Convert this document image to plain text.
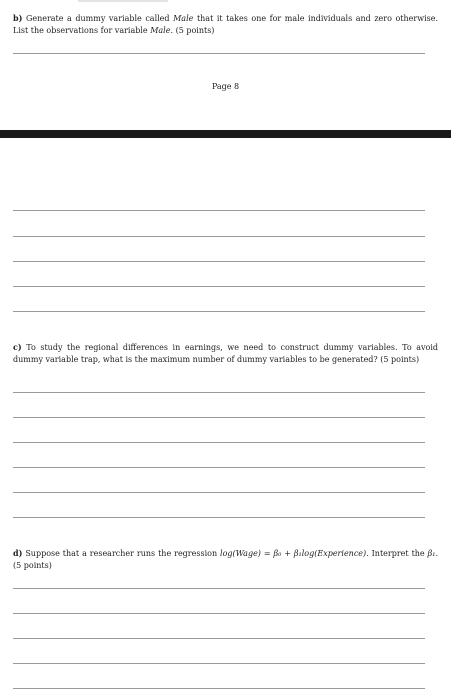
b) Generate a dummy variable called Male that it takes one for male individuals and zero otherwise. List the observations for variable Male. (5 points)
Page 8
c) To study the regional differences in earnings, we need to construct dummy variables. To avoid dummy variable trap, what is the maximum number of dummy variables to be generated? (5 points)
d) Suppose that a researcher runs the regression log(Wage) = β₀ + β₁log(Experience). Interpret the β₁. (5 points)
